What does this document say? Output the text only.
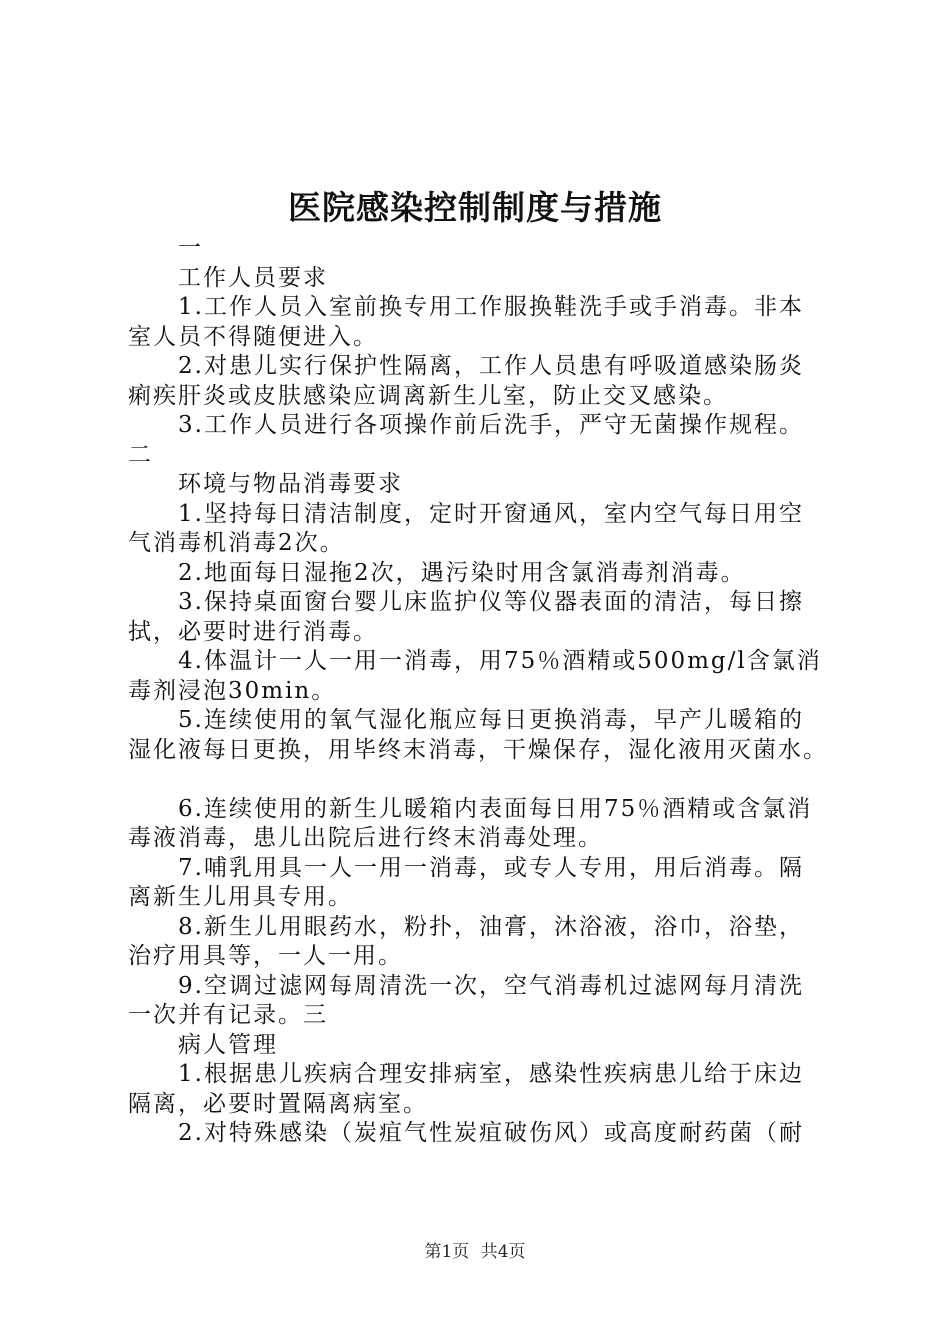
医院感染控制制度与措施

一

工作人员要求

1.工作人员入室前换专用工作服换鞋洗手或手消毒。非本

室人员不得随便进入。

2.对患儿实行保护性隔离，工作人员患有呼吸道感染肠炎

痢疾肝炎或皮肤感染应调离新生儿室，防止交叉感染。

3.工作人员进行各项操作前后洗手，严守无菌操作规程。

二

环境与物品消毒要求

1.坚持每日清洁制度，定时开窗通风，室内空气每日用空

气消毒机消毒2次。

2.地面每日湿拖2次，遇污染时用含氯消毒剂消毒。

3.保持桌面窗台婴儿床监护仪等仪器表面的清洁，每日擦

拭，必要时进行消毒。

4.体温计一人一用一消毒，用75％酒精或500mg/l含氯消

毒剂浸泡30min。

5.连续使用的氧气湿化瓶应每日更换消毒，早产儿暖箱的

湿化液每日更换，用毕终末消毒，干燥保存，湿化液用灭菌水。

6.连续使用的新生儿暖箱内表面每日用75％酒精或含氯消

毒液消毒，患儿出院后进行终末消毒处理。

7.哺乳用具一人一用一消毒，或专人专用，用后消毒。隔

离新生儿用具专用。

8.新生儿用眼药水，粉扑，油膏，沐浴液，浴巾，浴垫，

治疗用具等，一人一用。

9.空调过滤网每周清洗一次，空气消毒机过滤网每月清洗

一次并有记录。三

病人管理

1.根据患儿疾病合理安排病室，感染性疾病患儿给于床边

隔离，必要时置隔离病室。

2.对特殊感染（炭疽气性炭疽破伤风）或高度耐药菌（耐

第1页 共4页
